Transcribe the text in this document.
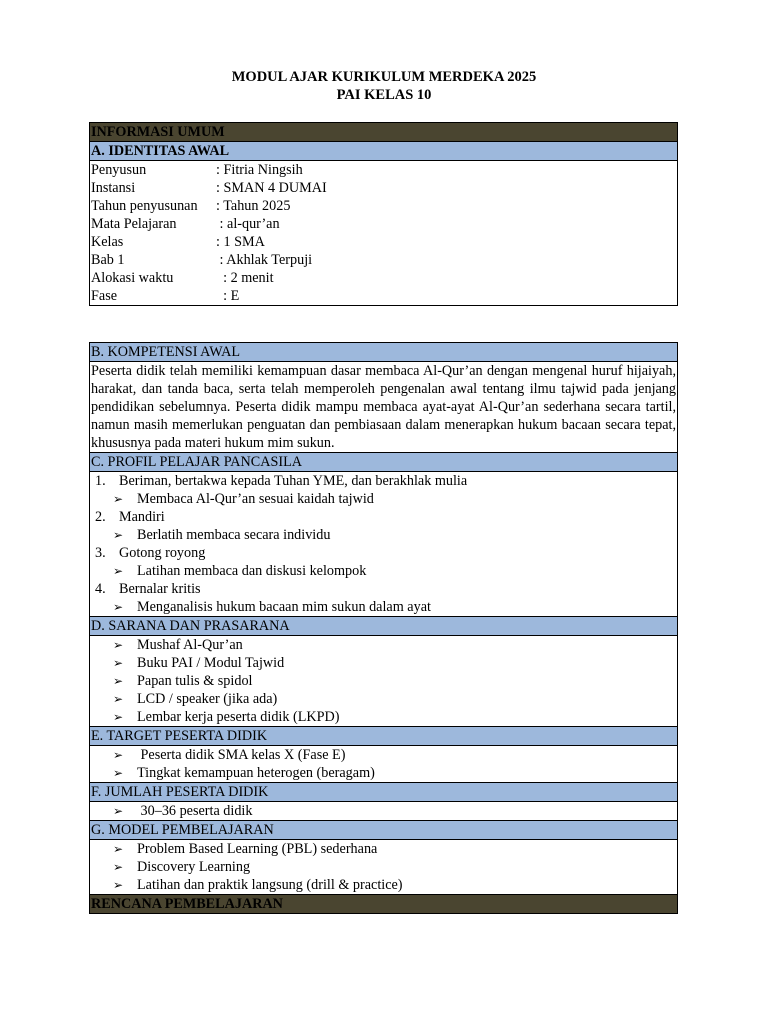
MODUL AJAR KURIKULUM MERDEKA 2025
PAI KELAS 10
INFORMASI UMUM
A. IDENTITAS AWAL

Penyusun	: Fitria Ningsih
Instansi	: SMAN 4 DUMAI
Tahun penyusunan	: Tahun 2025
Mata Pelajaran	: al-qur’an
Kelas	: 1 SMA
Bab 1	: Akhlak Terpuji
Alokasi waktu	: 2 menit
Fase	: E
B. KOMPETENSI AWAL
Peserta didik telah memiliki kemampuan dasar membaca Al-Qur’an dengan mengenal huruf hijaiyah, harakat, dan tanda baca, serta telah memperoleh pengenalan awal tentang ilmu tajwid pada jenjang pendidikan sebelumnya. Peserta didik mampu membaca ayat-ayat Al-Qur’an sederhana secara tartil, namun masih memerlukan penguatan dan pembiasaan dalam menerapkan hukum bacaan secara tepat, khususnya pada materi hukum mim sukun.
C. PROFIL PELAJAR PANCASILA

1. Beriman, bertakwa kepada Tuhan YME, dan berakhlak mulia
➢ Membaca Al-Qur’an sesuai kaidah tajwid
2. Mandiri
➢ Berlatih membaca secara individu
3. Gotong royong
➢ Latihan membaca dan diskusi kelompok
4. Bernalar kritis
➢ Menganalisis hukum bacaan mim sukun dalam ayat

D. SARANA DAN PRASARANA

➢ Mushaf Al-Qur’an
➢ Buku PAI / Modul Tajwid
➢ Papan tulis & spidol
➢ LCD / speaker (jika ada)
➢ Lembar kerja peserta didik (LKPD)

E. TARGET PESERTA DIDIK

➢ Peserta didik SMA kelas X (Fase E)
➢ Tingkat kemampuan heterogen (beragam)

F. JUMLAH PESERTA DIDIK

➢ 30–36 peserta didik

G. MODEL PEMBELAJARAN

➢ Problem Based Learning (PBL) sederhana
➢ Discovery Learning
➢ Latihan dan praktik langsung (drill & practice)

RENCANA PEMBELAJARAN
